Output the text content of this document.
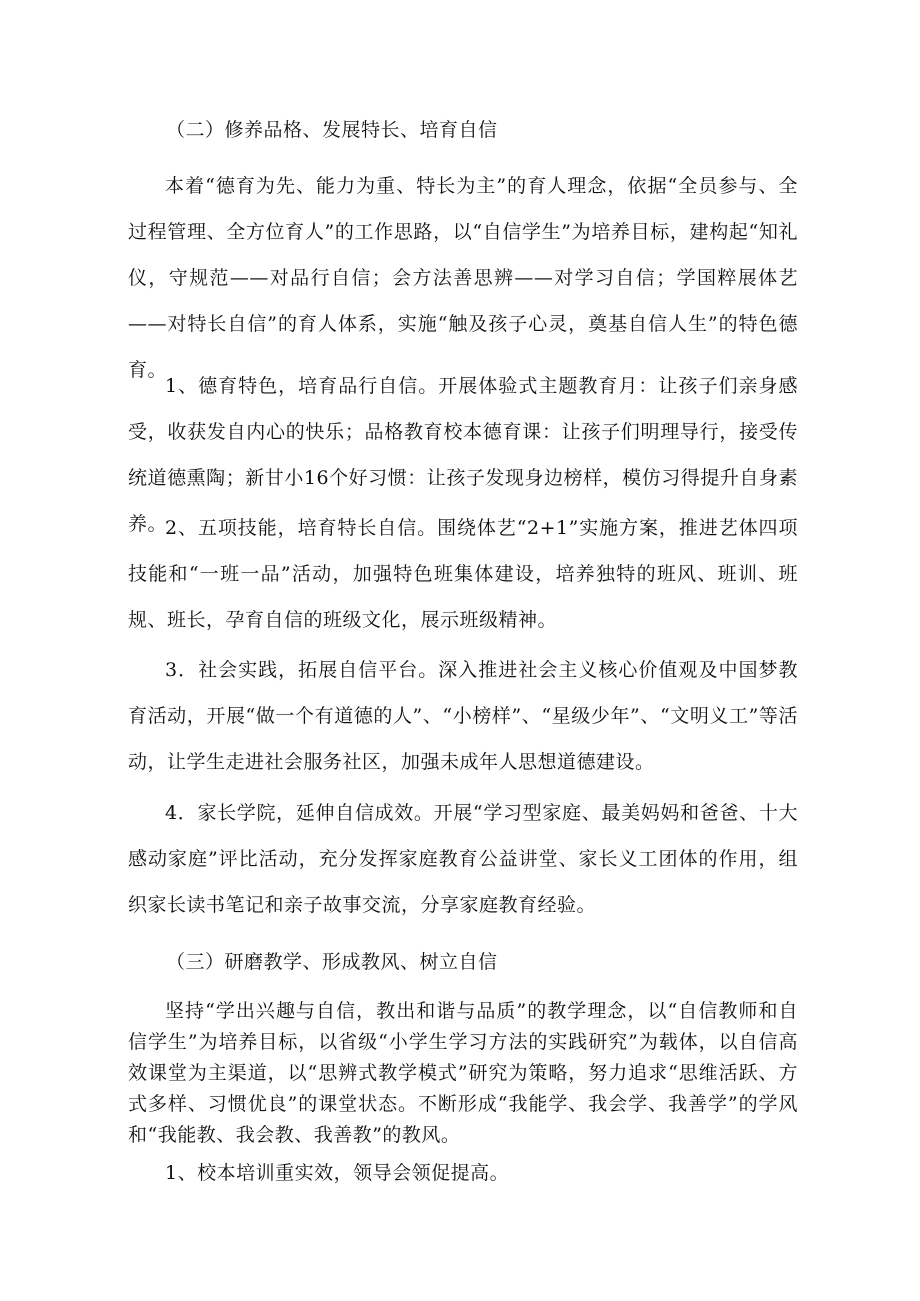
（二）修养品格、发展特长、培育自信

本着“德育为先、能力为重、特长为主”的育人理念，依据“全员参与、全过程管理、全方位育人”的工作思路，以“自信学生”为培养目标，建构起“知礼仪，守规范——对品行自信；会方法善思辨——对学习自信；学国粹展体艺——对特长自信”的育人体系，实施“触及孩子心灵，奠基自信人生”的特色德育。

1、德育特色，培育品行自信。开展体验式主题教育月：让孩子们亲身感受，收获发自内心的快乐；品格教育校本德育课：让孩子们明理导行，接受传统道德熏陶；新甘小16个好习惯：让孩子发现身边榜样，模仿习得提升自身素养。

2、五项技能，培育特长自信。围绕体艺“2+1”实施方案，推进艺体四项技能和“一班一品”活动，加强特色班集体建设，培养独特的班风、班训、班规、班长，孕育自信的班级文化，展示班级精神。

3．社会实践，拓展自信平台。深入推进社会主义核心价值观及中国梦教育活动，开展“做一个有道德的人”、“小榜样”、“星级少年”、“文明义工”等活动，让学生走进社会服务社区，加强未成年人思想道德建设。

4．家长学院，延伸自信成效。开展“学习型家庭、最美妈妈和爸爸、十大感动家庭”评比活动，充分发挥家庭教育公益讲堂、家长义工团体的作用，组织家长读书笔记和亲子故事交流，分享家庭教育经验。

（三）研磨教学、形成教风、树立自信

坚持“学出兴趣与自信，教出和谐与品质”的教学理念，以“自信教师和自信学生”为培养目标，以省级“小学生学习方法的实践研究”为载体，以自信高效课堂为主渠道，以“思辨式教学模式”研究为策略，努力追求“思维活跃、方式多样、习惯优良”的课堂状态。不断形成“我能学、我会学、我善学”的学风和“我能教、我会教、我善教”的教风。

1、校本培训重实效，领导会领促提高。
